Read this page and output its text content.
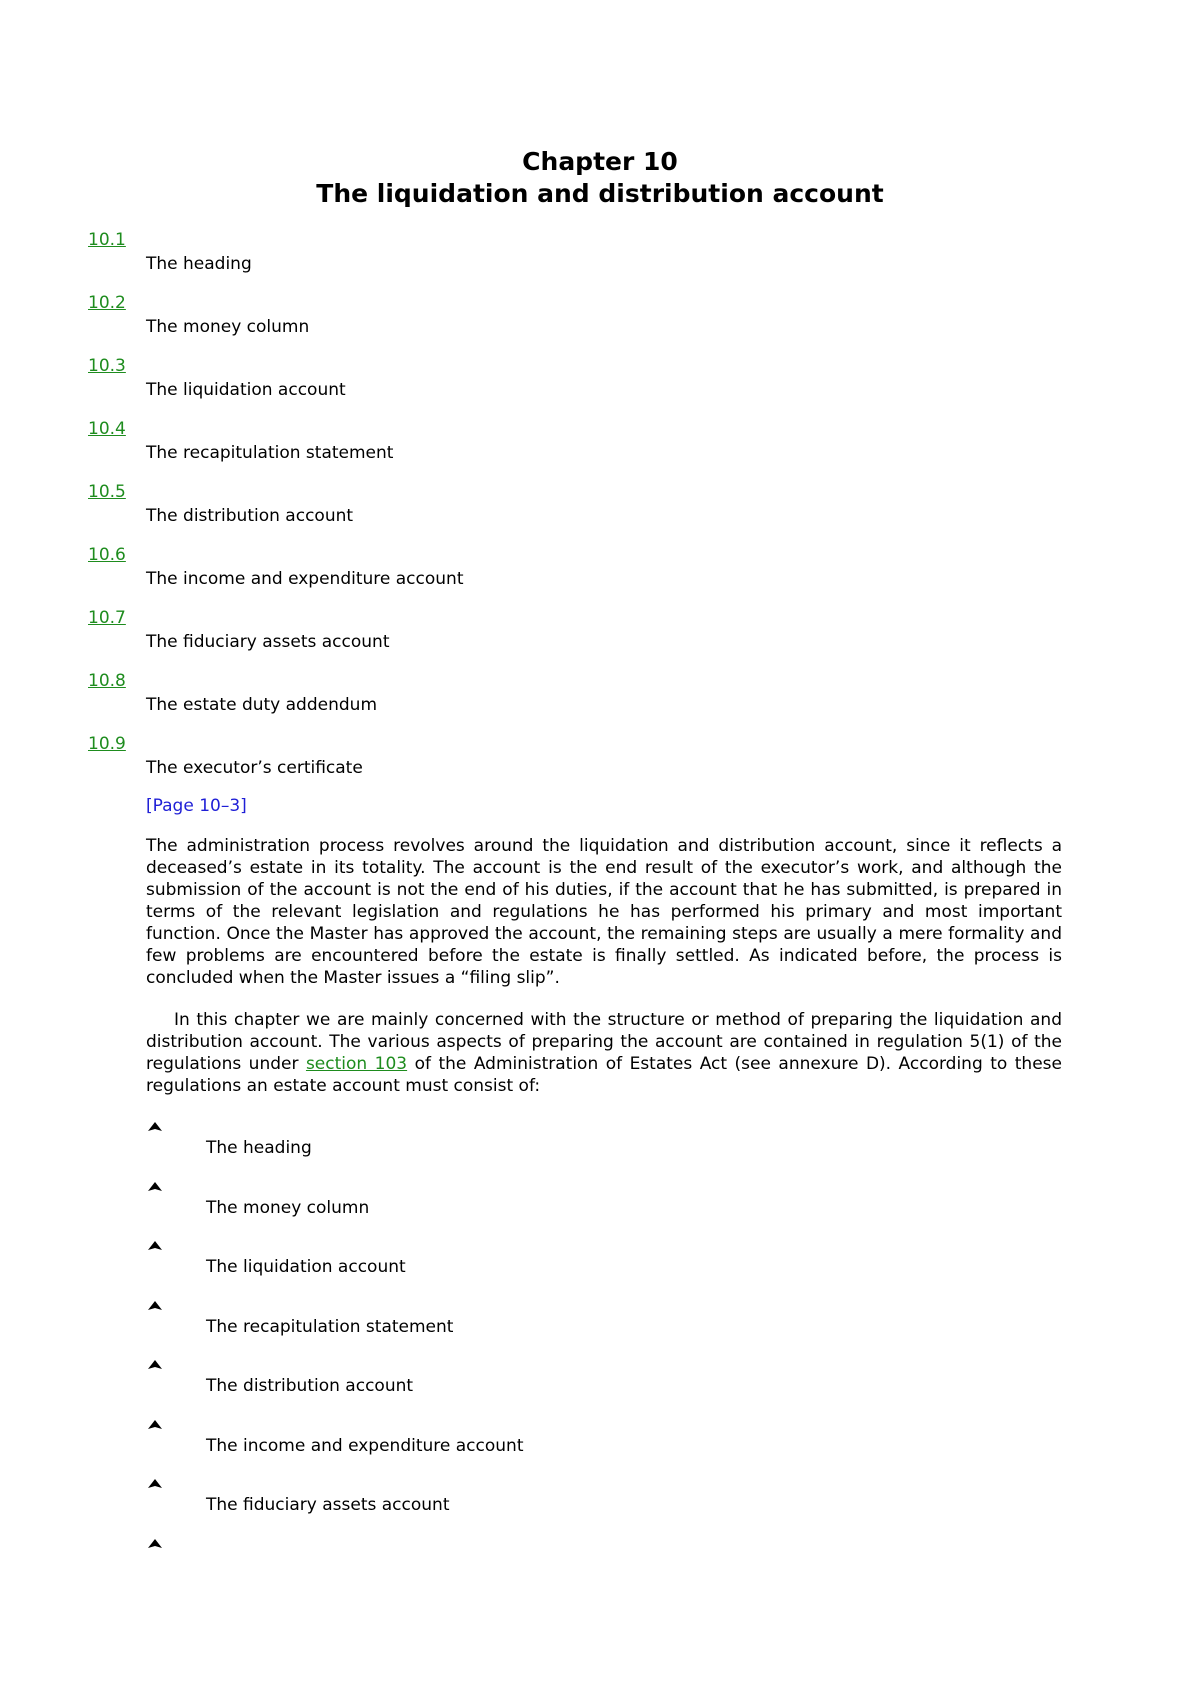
Chapter 10
The liquidation and distribution account
10.1
The heading
10.2
The money column
10.3
The liquidation account
10.4
The recapitulation statement
10.5
The distribution account
10.6
The income and expenditure account
10.7
The fiduciary assets account
10.8
The estate duty addendum
10.9
The executor’s certificate
[Page 10–3]

The administration process revolves around the liquidation and distribution account, since it reflects a deceased’s estate in its totality. The account is the end result of the executor’s work, and although the submission of the account is not the end of his duties, if the account that he has submitted, is prepared in terms of the relevant legislation and regulations he has performed his primary and most important function. Once the Master has approved the account, the remaining steps are usually a mere formality and few problems are encountered before the estate is finally settled. As indicated before, the process is concluded when the Master issues a “filing slip”.

In this chapter we are mainly concerned with the structure or method of preparing the liquidation and distribution account. The various aspects of preparing the account are contained in regulation 5(1) of the regulations under section 103 of the Administration of Estates Act (see annexure D). According to these regulations an estate account must consist of:

The heading
The money column
The liquidation account
The recapitulation statement
The distribution account
The income and expenditure account
The fiduciary assets account
